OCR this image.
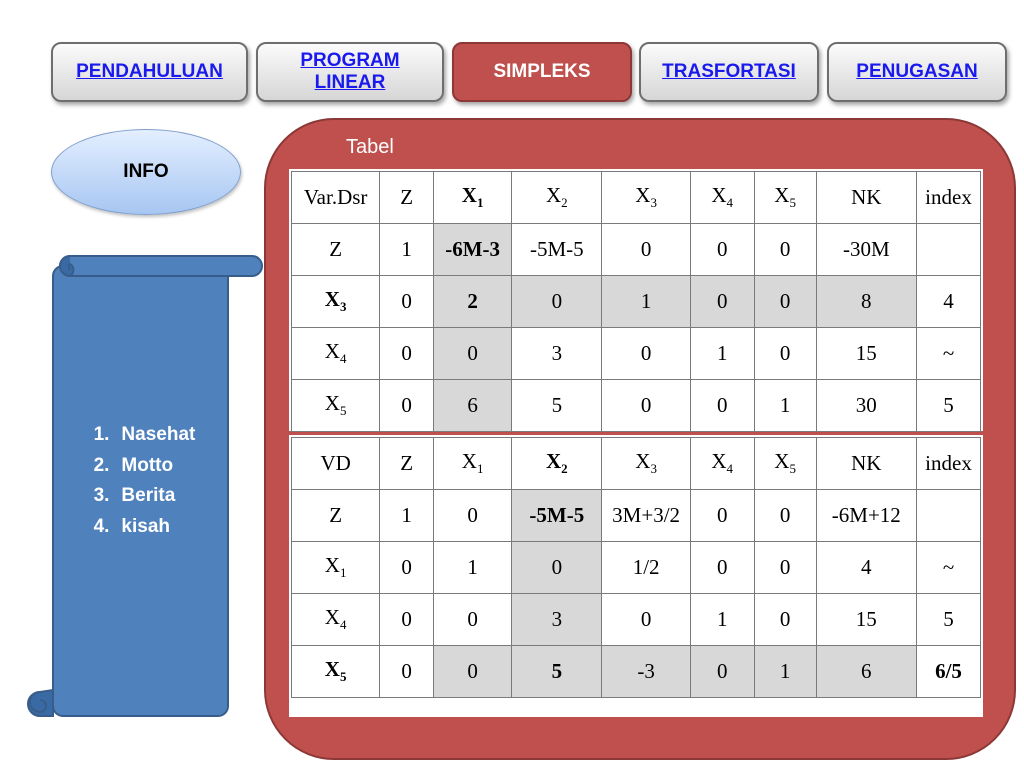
PENDAHULUAN
PROGRAM LINEAR
SIMPLEKS	TRASFORTASI	PENUGASAN
INFO
1. Nasehat
2. Motto
3. Berita
4. kisah
Tabel
Var.Dsr	Z	$X_1$	$X_2$	$X_3$	$X_4$	$X_5$	NK	index
Z	1	-6M-3	-5M-5	0	0	0	-30M	
$X_3$	0	2	0	1	0	0	8	4
$X_4$	0	0	3	0	1	0	15	~
$X_5$	0	6	5	0	0	1	30	5
VD	Z	$X_1$	$X_2$	$X_3$	$X_4$	$X_5$	NK	index
Z	1	0	-5M-5	3M+3/2	0	0	-6M+12	
$X_1$	0	1	0	1/2	0	0	4	~
$X_4$	0	0	3	0	1	0	15	5
$X_5$	0	0	5	-3	0	1	6	6/5
